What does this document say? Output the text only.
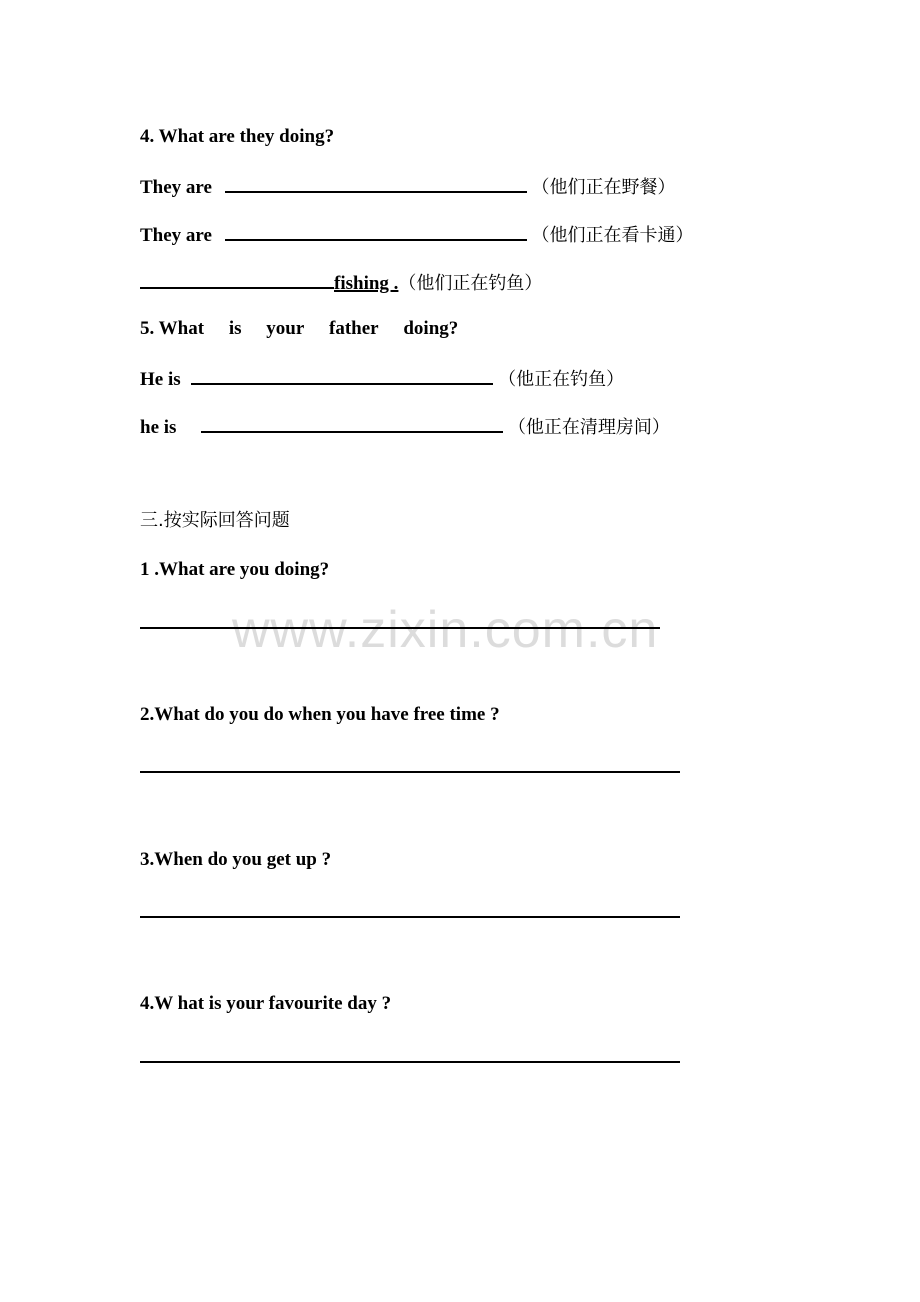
www.zixin.com.cn
4. What are they doing?
They are	（他们正在野餐）
They are	（他们正在看卡通）
fishing .（他们正在钓鱼）
5. What is your father doing?
He is	（他正在钓鱼）
he is	（他正在清理房间）
三.按实际回答问题
1 .What are you doing?
2.What do you do when you have free time ?
3.When do you get up ?
4.W hat is your favourite day ?
